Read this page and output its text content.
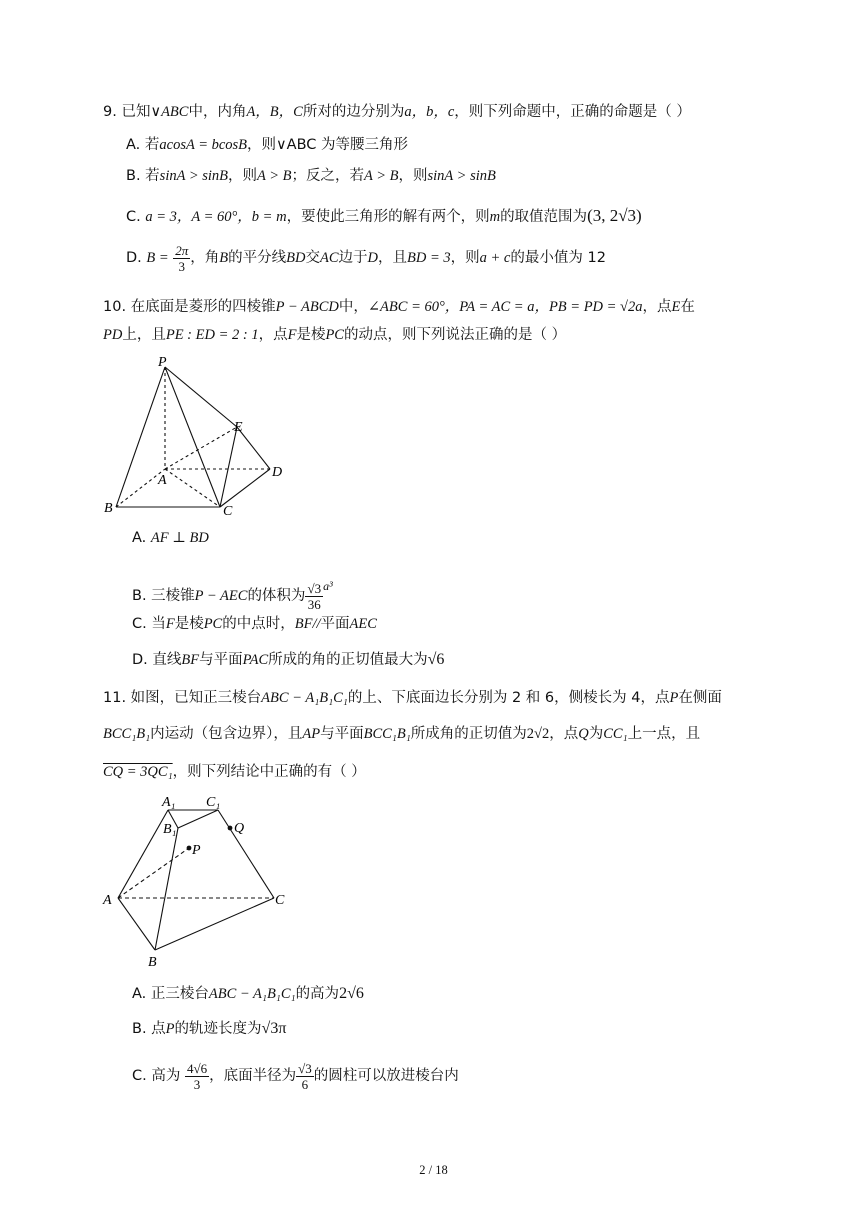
9. 已知∨ABC中，内角A，B，C所对的边分别为a，b，c，则下列命题中，正确的命题是（ ）
A. 若acosA = bcosB，则∨ABC 为等腰三角形
B. 若sinA > sinB，则A > B；反之，若A > B，则sinA > sinB
C. a = 3，A = 60°，b = m，要使此三角形的解有两个，则m的取值范围为(3, 2√3)
D. $B = \frac{2\pi}{3}$ ，角B的平分线BD交AC边于D，且BD = 3，则a + c的最小值为 12
10. 在底面是菱形的四棱锥P − ABCD中，∠ABC = 60°，PA = AC = a，PB = PD = √2a，点E在
PD上，且PE : ED = 2 : 1，点F是棱PC的动点，则下列说法正确的是（ ）
P
E
D
A
B	C
A. AF ⊥ BD
B. 三棱锥P − AEC的体积为 $\frac{√3}{36} ^{a^3}$
C. 当F是棱PC的中点时，BF//平面AEC
D. 直线BF与平面PAC所成的角的正切值最大为√6
11. 如图，已知正三棱台ABC − A₁B₁C₁的上、下底面边长分别为 2 和 6，侧棱长为 4，点P在侧面
BCC₁B₁内运动（包含边界），且AP与平面BCC₁B₁所成角的正切值为2√2，点Q为CC₁上一点，且
CQ = 3QC₁，则下列结论中正确的有（ ）
A₁ C₁
B₁	Q
P
A	C
B
A. 正三棱台ABC − A₁B₁C₁的高为2√6
B. 点P的轨迹长度为√3π
C. 高为 $\frac{4√6}{3}$ ，底面半径为 $\frac{√3}{6}$ 的圆柱可以放进棱台内
2 / 18
